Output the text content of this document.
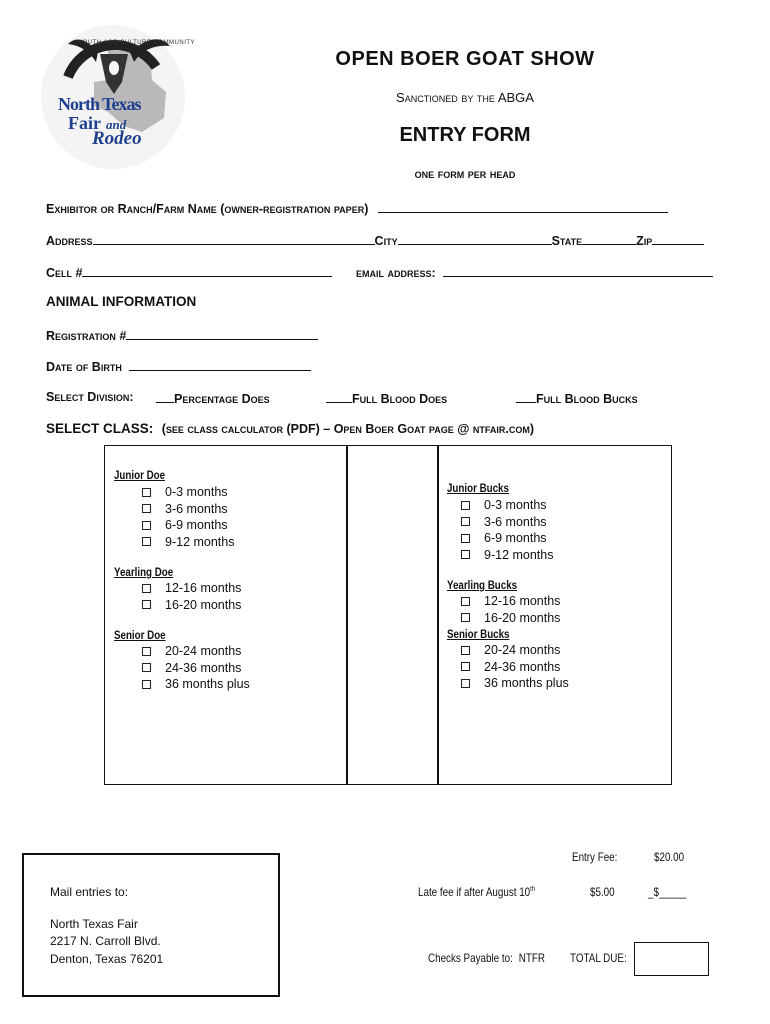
YOUTH AGRICULTURE COMMUNITY
North Texas
Fair and
Rodeo
OPEN BOER GOAT SHOW
Sanctioned by the ABGA
ENTRY FORM
one form per head
Exhibitor or Ranch/Farm Name (owner-registration paper)
Address	City	State	Zip
Cell #	email address:
ANIMAL INFORMATION
Registration #
Date of Birth
Select Division:	Percentage Does	Full Blood Does	Full Blood Bucks
SELECT CLASS: (see class calculator (PDF) – Open Boer Goat page @ ntfair.com)
Junior Doe
0-3 months
3-6 months
6-9 months
9-12 months
Yearling Doe
12-16 months
16-20 months
Senior Doe
20-24 months
24-36 months
36 months plus
Junior Bucks
0-3 months
3-6 months
6-9 months
9-12 months
Yearling Bucks
12-16 months
16-20 months
Senior Bucks
20-24 months
24-36 months
36 months plus
Mail entries to:
North Texas Fair
2217 N. Carroll Blvd.
Denton, Texas 76201
Entry Fee:	$20.00
Late fee if after August 10th	$5.00	_$_____
Checks Payable to: NTFR TOTAL DUE:
